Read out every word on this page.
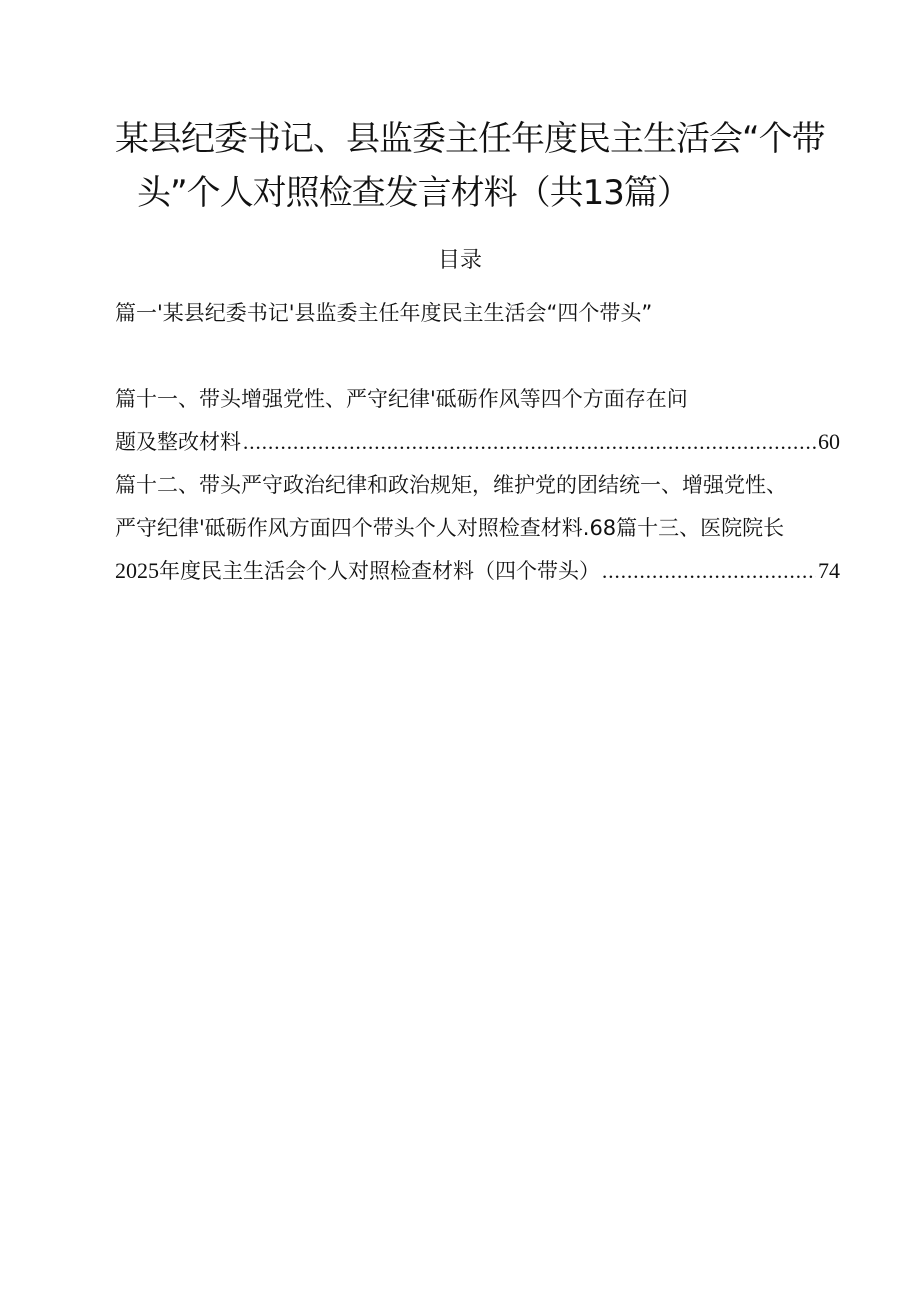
某县纪委书记、县监委主任年度民主生活会“个带
头”个人对照检查发言材料（共13篇）
目录
篇一'某县纪委书记'县监委主任年度民主生活会“四个带头”
篇十一、带头增强党性、严守纪律'砥砺作风等四个方面存在问
题及整改材料 .....	60
篇十二、带头严守政治纪律和政治规矩，维护党的团结统一、增强党性、
严守纪律'砥砺作风方面四个带头个人对照检查材料.68篇十三、医院院长
2025年度民主生活会个人对照检查材料（四个带头） .....	74
